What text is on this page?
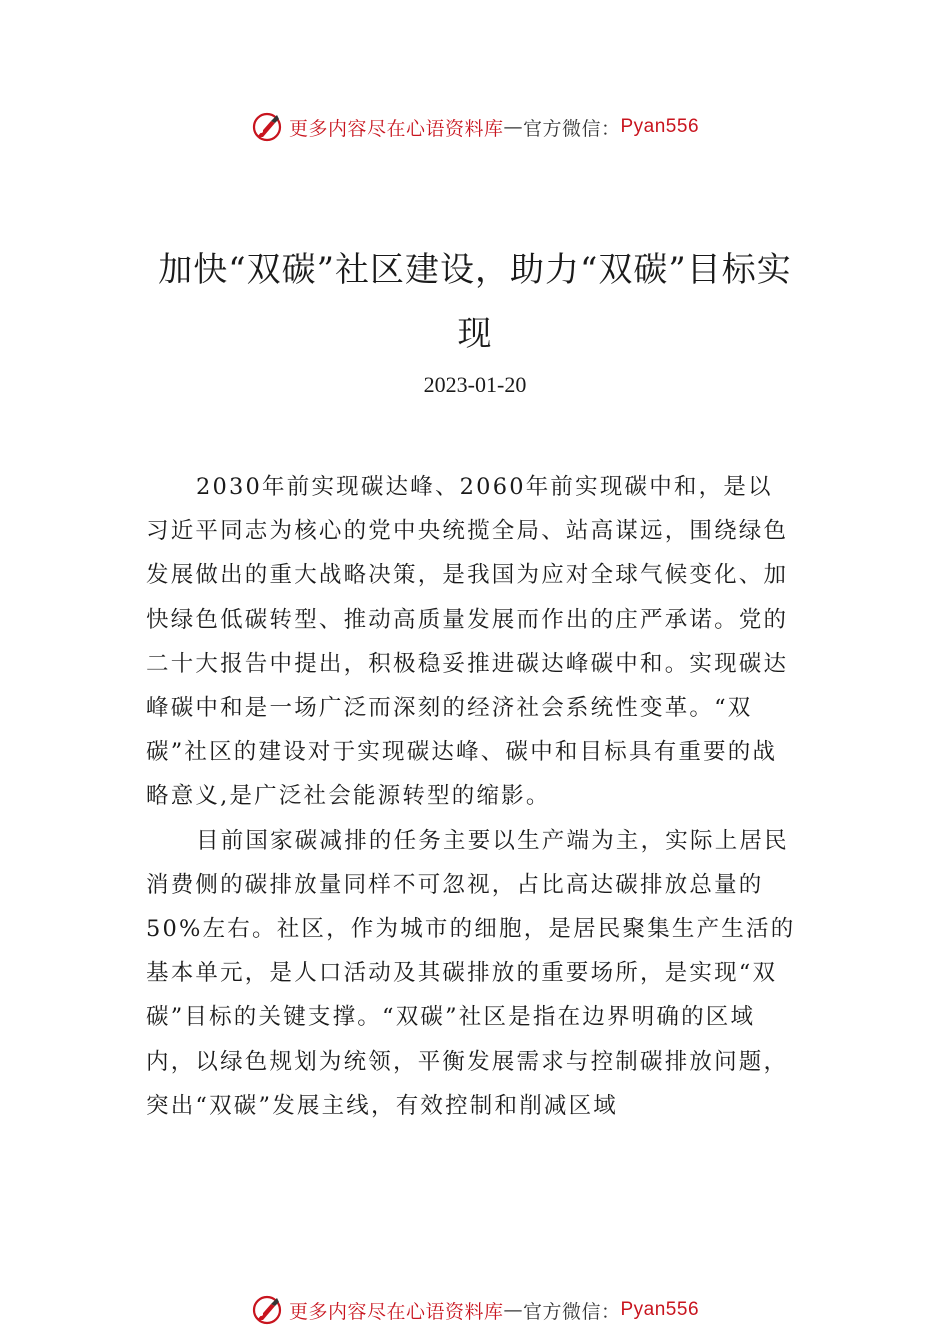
更多内容尽在心语资料库 — 官方微信： Pyan556
加快“双碳”社区建设，助力“双碳”目标实现
2023-01-20

2030年前实现碳达峰、2060年前实现碳中和，是以习近平同志为核心的党中央统揽全局、站高谋远，围绕绿色发展做出的重大战略决策，是我国为应对全球气候变化、加快绿色低碳转型、推动高质量发展而作出的庄严承诺。党的二十大报告中提出，积极稳妥推进碳达峰碳中和。实现碳达峰碳中和是一场广泛而深刻的经济社会系统性变革。“双碳”社区的建设对于实现碳达峰、碳中和目标具有重要的战略意义,是广泛社会能源转型的缩影。

目前国家碳减排的任务主要以生产端为主，实际上居民消费侧的碳排放量同样不可忽视，占比高达碳排放总量的 50%左右。社区，作为城市的细胞，是居民聚集生产生活的基本单元，是人口活动及其碳排放的重要场所，是实现“双碳”目标的关键支撑。“双碳”社区是指在边界明确的区域内，以绿色规划为统领，平衡发展需求与控制碳排放问题，突出“双碳”发展主线，有效控制和削减区域

更多内容尽在心语资料库 — 官方微信： Pyan556
